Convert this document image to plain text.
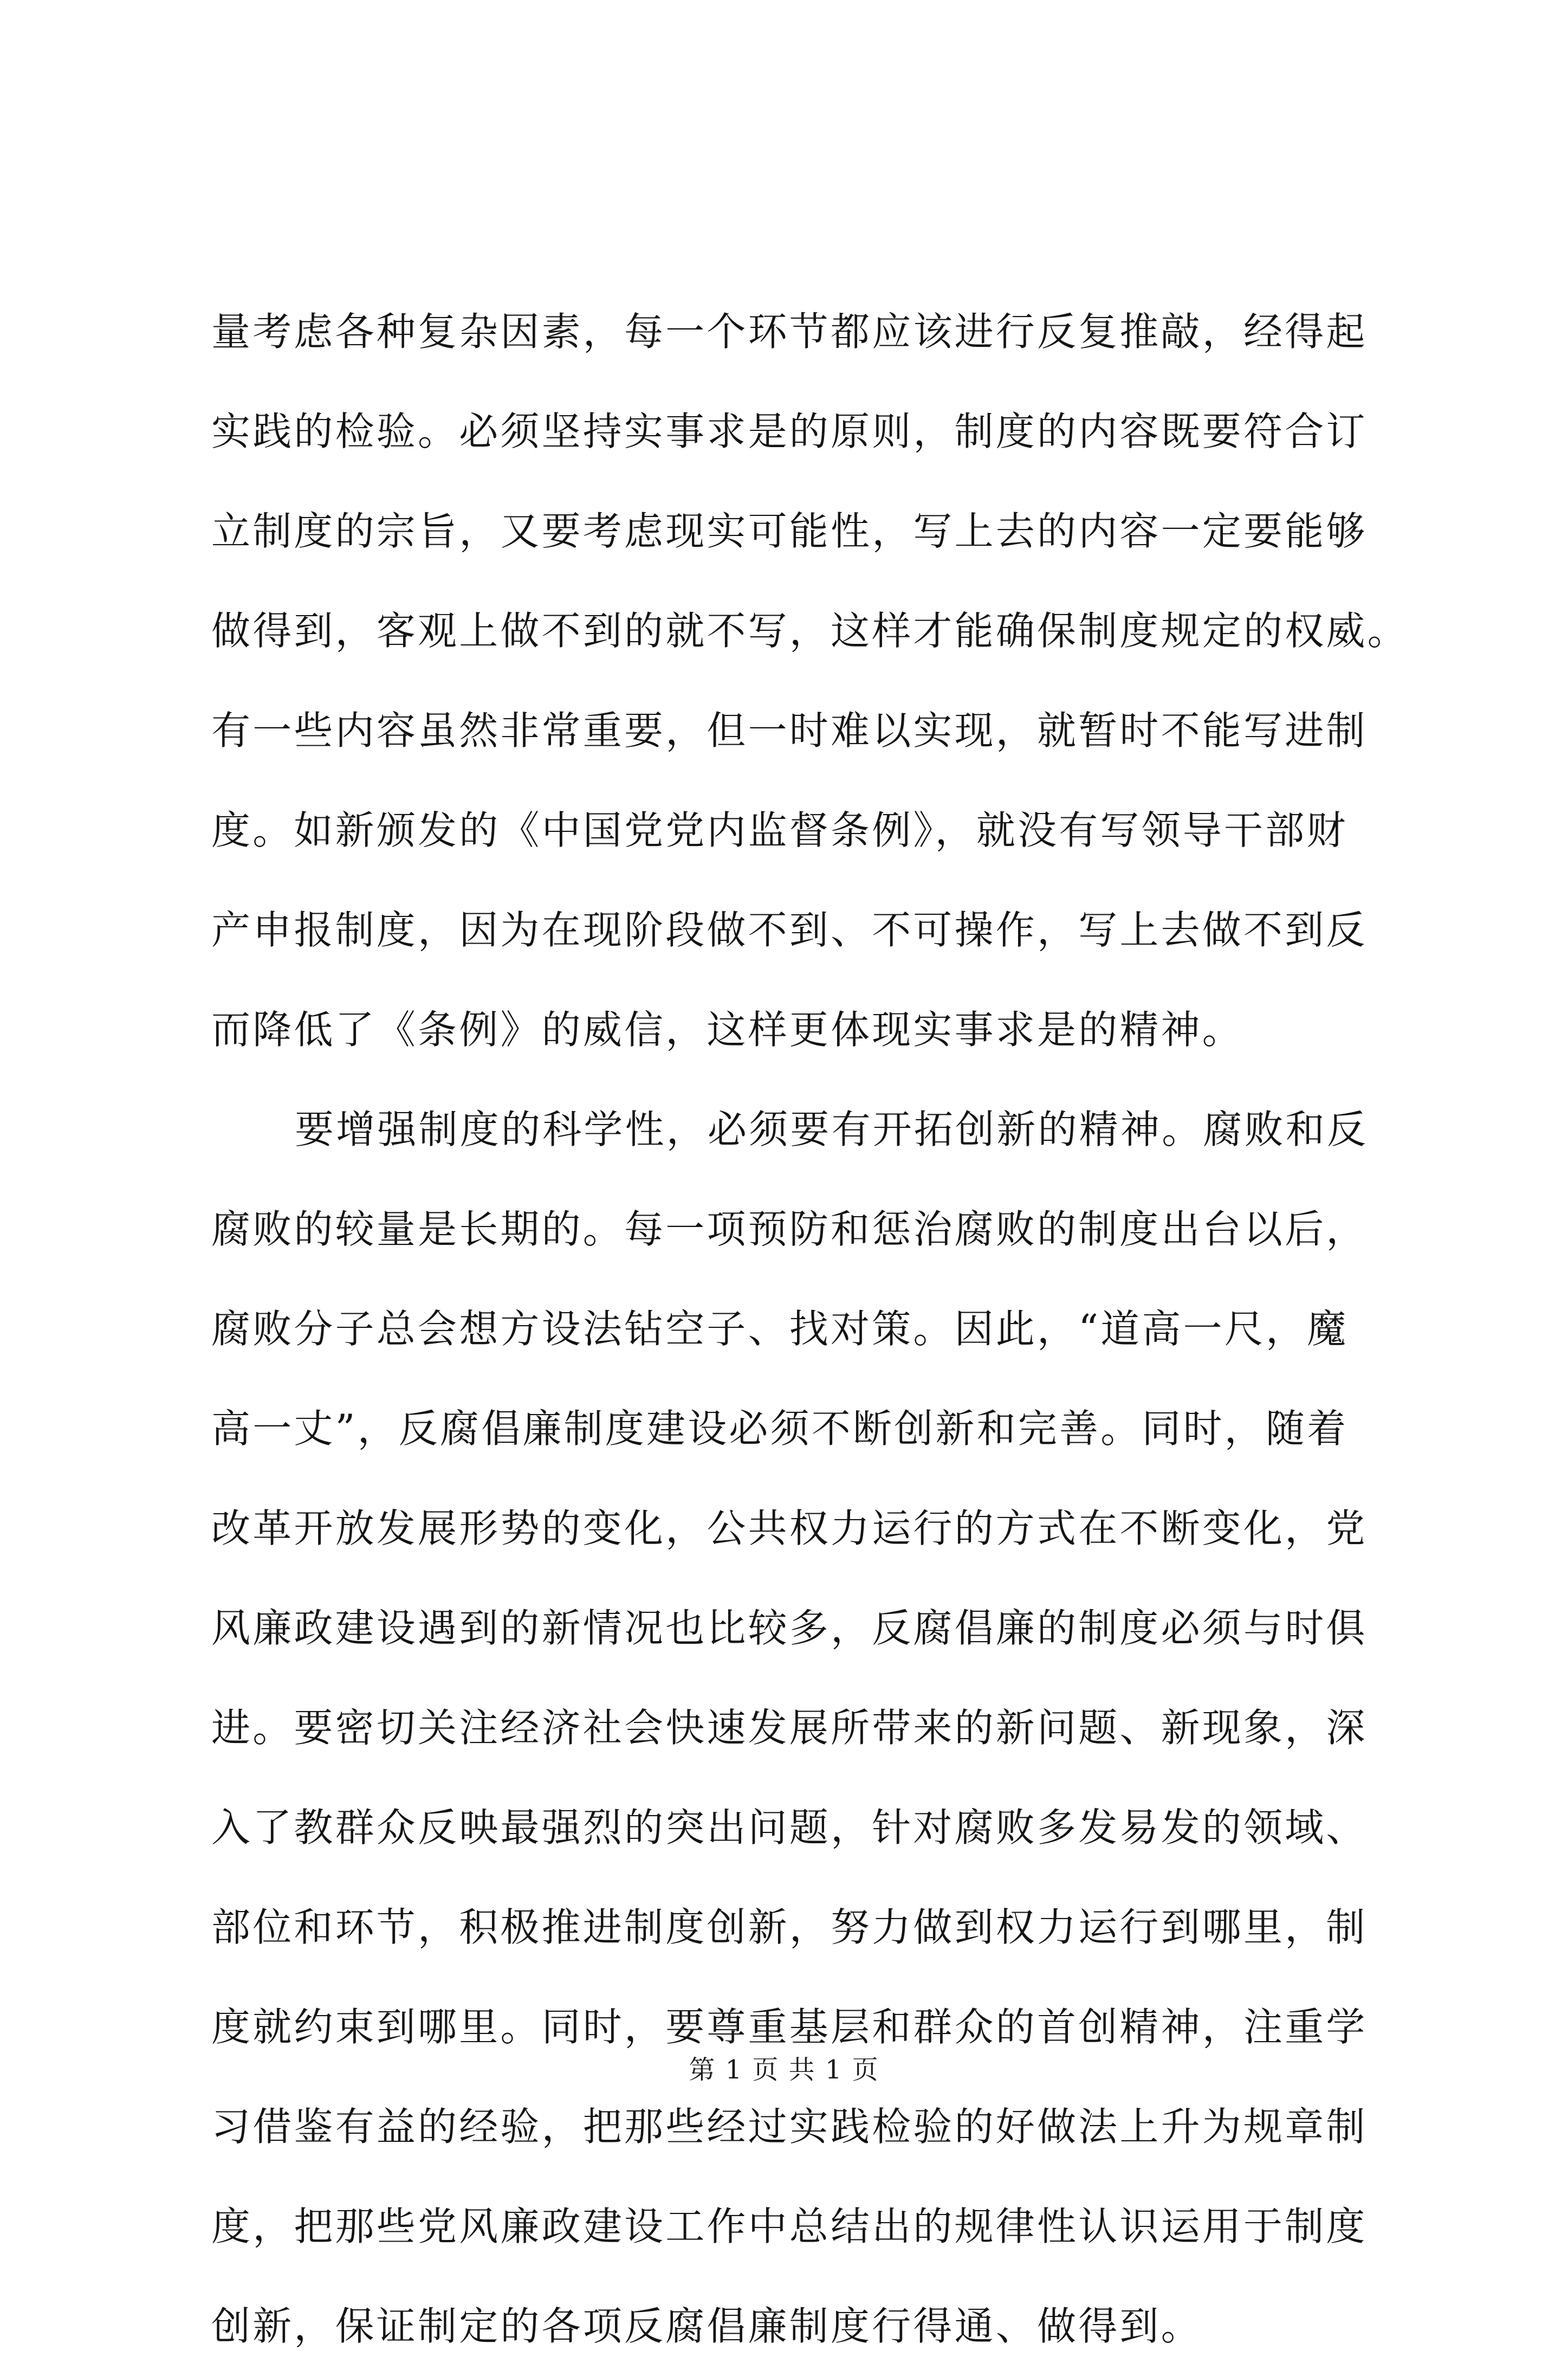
量考虑各种复杂因素，每一个环节都应该进行反复推敲，经得起
实践的检验。必须坚持实事求是的原则，制度的内容既要符合订
立制度的宗旨，又要考虑现实可能性，写上去的内容一定要能够
做得到，客观上做不到的就不写，这样才能确保制度规定的权威。
有一些内容虽然非常重要，但一时难以实现，就暂时不能写进制
度。如新颁发的《中国党党内监督条例》，就没有写领导干部财
产申报制度，因为在现阶段做不到、不可操作，写上去做不到反
而降低了《条例》的威信，这样更体现实事求是的精神。
要增强制度的科学性，必须要有开拓创新的精神。腐败和反
腐败的较量是长期的。每一项预防和惩治腐败的制度出台以后，
腐败分子总会想方设法钻空子、找对策。因此，“道高一尺，魔
高一丈”，反腐倡廉制度建设必须不断创新和完善。同时，随着
改革开放发展形势的变化，公共权力运行的方式在不断变化，党
风廉政建设遇到的新情况也比较多，反腐倡廉的制度必须与时俱
进。要密切关注经济社会快速发展所带来的新问题、新现象，深
入了教群众反映最强烈的突出问题，针对腐败多发易发的领域、
部位和环节，积极推进制度创新，努力做到权力运行到哪里，制
度就约束到哪里。同时，要尊重基层和群众的首创精神，注重学
习借鉴有益的经验，把那些经过实践检验的好做法上升为规章制
度，把那些党风廉政建设工作中总结出的规律性认识运用于制度
创新，保证制定的各项反腐倡廉制度行得通、做得到。
第 1 页 共 1 页
